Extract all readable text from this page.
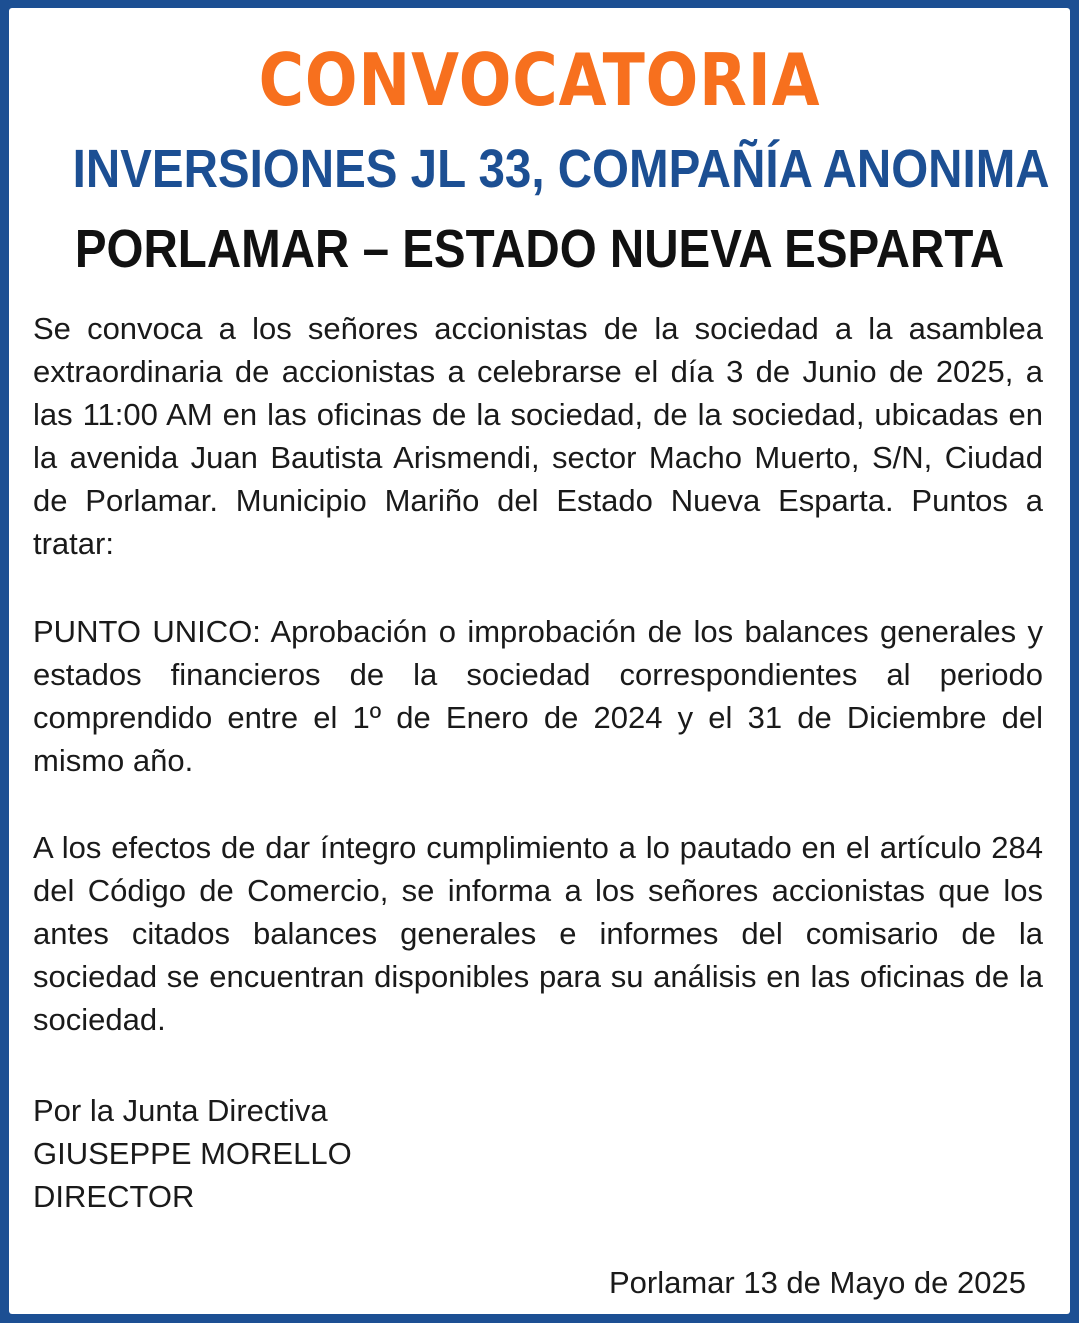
CONVOCATORIA
INVERSIONES JL 33, COMPAÑÍA ANONIMA
PORLAMAR – ESTADO NUEVA ESPARTA

Se convoca a los señores accionistas de la sociedad a la asamblea extraordinaria de accionistas a celebrarse el día 3 de Junio de 2025, a las 11:00 AM en las oficinas de la sociedad, de la sociedad, ubicadas en la avenida Juan Bautista Arismendi, sector Macho Muerto, S/N, Ciudad de Porlamar. Municipio Mariño del Estado Nueva Esparta. Puntos a tratar:

PUNTO UNICO: Aprobación o improbación de los balances generales y estados financieros de la sociedad correspondientes al periodo comprendido entre el 1º de Enero de 2024 y el 31 de Diciembre del mismo año.

A los efectos de dar íntegro cumplimiento a lo pautado en el artículo 284 del Código de Comercio, se informa a los señores accionistas que los antes citados balances generales e informes del comisario de la sociedad se encuentran disponibles para su análisis en las oficinas de la sociedad.

Por la Junta Directiva
GIUSEPPE MORELLO
DIRECTOR
Porlamar 13 de Mayo de 2025
